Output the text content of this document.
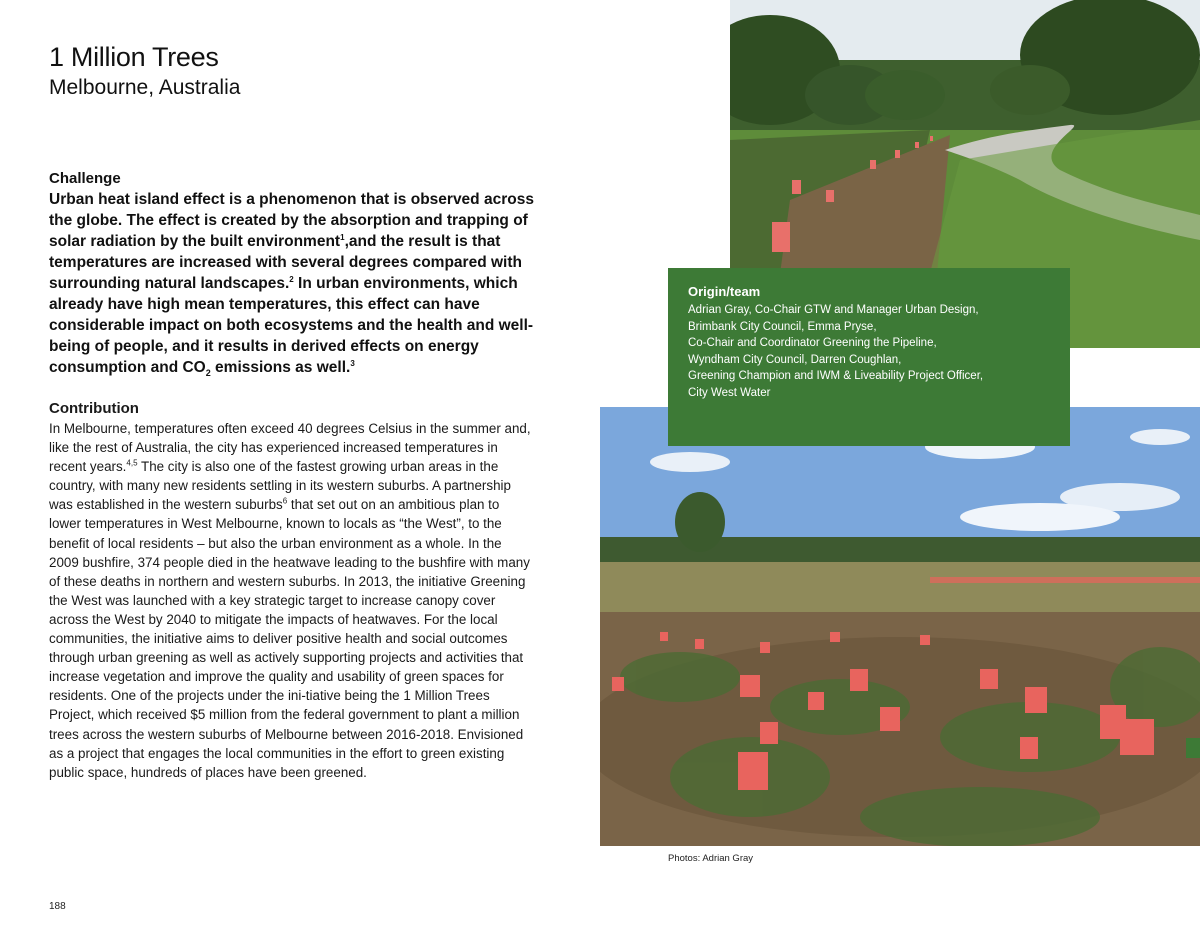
1 Million Trees
Melbourne, Australia
Challenge
Urban heat island effect is a phenomenon that is observed across the globe. The effect is created by the absorption and trapping of solar radiation by the built environment$^1$,and the result is that temperatures are increased with several degrees compared with surrounding natural landscapes.$^2$ In urban environments, which already have high mean temperatures, this effect can have considerable impact on both ecosystems and the health and well-being of people, and it results in derived effects on energy consumption and $CO_2$ emissions as well.$^3$
Contribution

In Melbourne, temperatures often exceed 40 degrees Celsius in the summer and, like the rest of Australia, the city has experienced increased temperatures in recent years.$^{4,5}$ The city is also one of the fastest growing urban areas in the country, with many new residents settling in its western suburbs. A partnership was established in the western suburbs$^6$ that set out on an ambitious plan to lower temperatures in West Melbourne, known to locals as “the West”, to the benefit of local residents – but also the urban environment as a whole. In the 2009 bushfire, 374 people died in the heatwave leading to the bushfire with many of these deaths in northern and western suburbs. In 2013, the initiative Greening the West was launched with a key strategic target to increase canopy cover across the West by 2040 to mitigate the impacts of heatwaves. For the local communities, the initiative aims to deliver positive health and social outcomes through urban greening as well as actively supporting projects and activities that increase vegetation and improve the quality and usability of green spaces for residents. One of the projects under the ini-tiative being the 1 Million Trees Project, which received $5 million from the federal government to plant a million trees across the western suburbs of Melbourne between 2016-2018. Envisioned as a project that engages the local communities in the effort to green existing public space, hundreds of places have been greened.

188
Origin/team

Adrian Gray, Co-Chair GTW and Manager Urban Design,

Brimbank City Council, Emma Pryse,

Co-Chair and Coordinator Greening the Pipeline,

Wyndham City Council, Darren Coughlan,

Greening Champion and IWM & Liveability Project Officer,

City West Water

Photos: Adrian Gray
